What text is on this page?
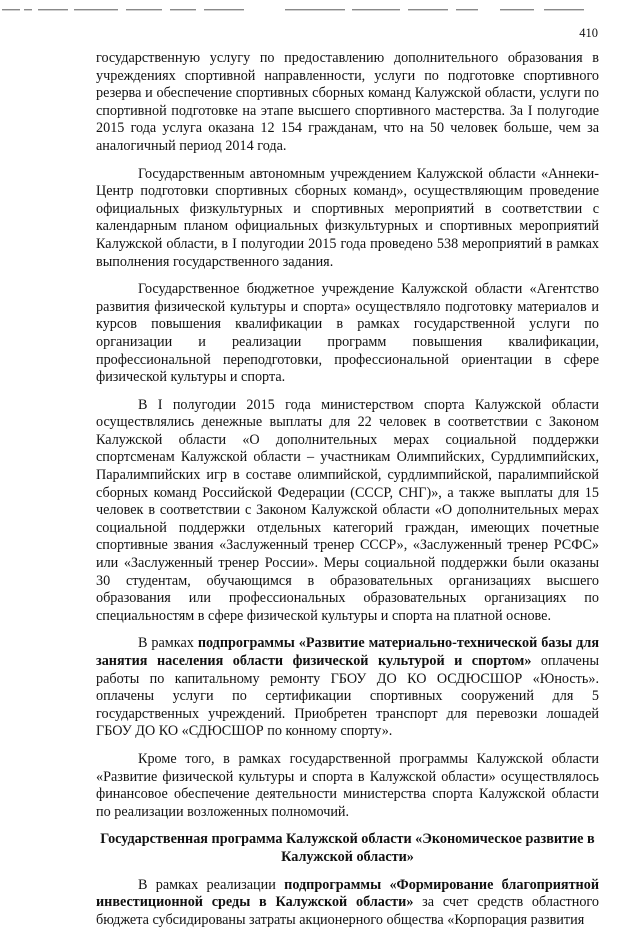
410

государственную услугу по предоставлению дополнительного образования в учреждениях спортивной направленности, услуги по подготовке спортивного резерва и обеспечение спортивных сборных команд Калужской области, услуги по спортивной подготовке на этапе высшего спортивного мастерства. За I полугодие 2015 года услуга оказана 12 154 гражданам, что на 50 человек больше, чем за аналогичный период 2014 года.

Государственным автономным учреждением Калужской области «Аннеки-Центр подготовки спортивных сборных команд», осуществляющим проведение официальных физкультурных и спортивных мероприятий в соответствии с календарным планом официальных физкультурных и спортивных мероприятий Калужской области, в I полугодии 2015 года проведено 538 мероприятий в рамках выполнения государственного задания.

Государственное бюджетное учреждение Калужской области «Агентство развития физической культуры и спорта» осуществляло подготовку материалов и курсов повышения квалификации в рамках государственной услуги по организации и реализации программ повышения квалификации, профессиональной переподготовки, профессиональной ориентации в сфере физической культуры и спорта.

В I полугодии 2015 года министерством спорта Калужской области осуществлялись денежные выплаты для 22 человек в соответствии с Законом Калужской области «О дополнительных мерах социальной поддержки спортсменам Калужской области – участникам Олимпийских, Сурдлимпийских, Паралимпийских игр в составе олимпийской, сурдлимпийской, паралимпийской сборных команд Российской Федерации (СССР, СНГ)», а также выплаты для 15 человек в соответствии с Законом Калужской области «О дополнительных мерах социальной поддержки отдельных категорий граждан, имеющих почетные спортивные звания «Заслуженный тренер СССР», «Заслуженный тренер РСФС» или «Заслуженный тренер России». Меры социальной поддержки были оказаны 30 студентам, обучающимся в образовательных организациях высшего образования или профессиональных образовательных организациях по специальностям в сфере физической культуры и спорта на платной основе.

В рамках подпрограммы «Развитие материально-технической базы для занятия населения области физической культурой и спортом» оплачены работы по капитальному ремонту ГБОУ ДО КО ОСДЮСШОР «Юность». оплачены услуги по сертификации спортивных сооружений для 5 государственных учреждений. Приобретен транспорт для перевозки лошадей ГБОУ ДО КО «СДЮСШОР по конному спорту».

Кроме того, в рамках государственной программы Калужской области «Развитие физической культуры и спорта в Калужской области» осуществлялось финансовое обеспечение деятельности министерства спорта Калужской области по реализации возложенных полномочий.

Государственная программа Калужской области «Экономическое развитие в Калужской области»

В рамках реализации подпрограммы «Формирование благоприятной инвестиционной среды в Калужской области» за счет средств областного бюджета субсидированы затраты акционерного общества «Корпорация развития
